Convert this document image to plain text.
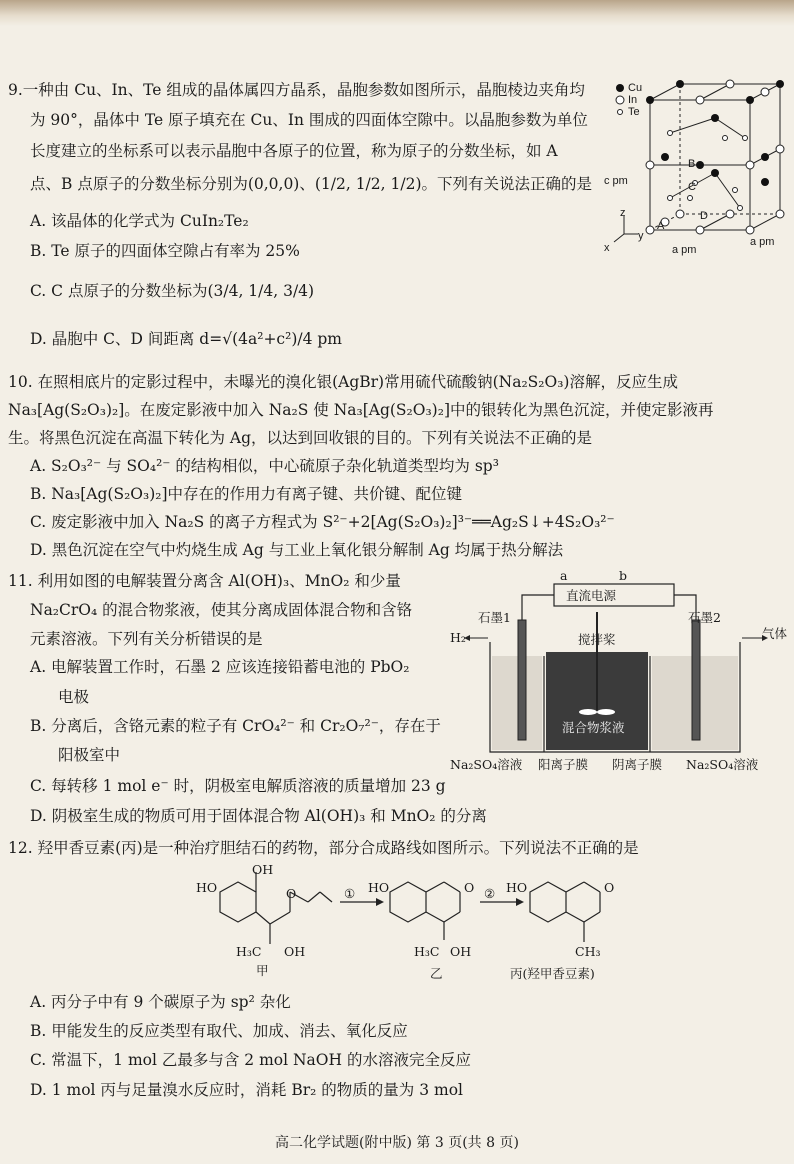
9.一种由 Cu、In、Te 组成的晶体属四方晶系，晶胞参数如图所示，晶胞棱边夹角均
为 90°，晶体中 Te 原子填充在 Cu、In 围成的四面体空隙中。以晶胞参数为单位
长度建立的坐标系可以表示晶胞中各原子的位置，称为原子的分数坐标，如 A
点、B 点原子的分数坐标分别为(0,0,0)、(1/2, 1/2, 1/2)。下列有关说法正确的是
A. 该晶体的化学式为 CuIn₂Te₂
B. Te 原子的四面体空隙占有率为 25%
C. C 点原子的分数坐标为(3/4, 1/4, 3/4)
D. 晶胞中 C、D 间距离 d=√(4a²+c²)/4 pm
Cu
In
Te
B
C
D
A
c pm
a pm
a pm
z
x
y
10. 在照相底片的定影过程中，未曝光的溴化银(AgBr)常用硫代硫酸钠(Na₂S₂O₃)溶解，反应生成
Na₃[Ag(S₂O₃)₂]。在废定影液中加入 Na₂S 使 Na₃[Ag(S₂O₃)₂]中的银转化为黑色沉淀，并使定影液再
生。将黑色沉淀在高温下转化为 Ag，以达到回收银的目的。下列有关说法不正确的是
A. S₂O₃²⁻ 与 SO₄²⁻ 的结构相似，中心硫原子杂化轨道类型均为 sp³
B. Na₃[Ag(S₂O₃)₂]中存在的作用力有离子键、共价键、配位键
C. 废定影液中加入 Na₂S 的离子方程式为 S²⁻+2[Ag(S₂O₃)₂]³⁻══Ag₂S↓+4S₂O₃²⁻
D. 黑色沉淀在空气中灼烧生成 Ag 与工业上氧化银分解制 Ag 均属于热分解法
11. 利用如图的电解装置分离含 Al(OH)₃、MnO₂ 和少量
Na₂CrO₄ 的混合物浆液，使其分离成固体混合物和含铬
元素溶液。下列有关分析错误的是
A. 电解装置工作时，石墨 2 应该连接铅蓄电池的 PbO₂
电极
B. 分离后，含铬元素的粒子有 CrO₄²⁻ 和 Cr₂O₇²⁻，存在于
阳极室中
C. 每转移 1 mol e⁻ 时，阴极室电解质溶液的质量增加 23 g
D. 阴极室生成的物质可用于固体混合物 Al(OH)₃ 和 MnO₂ 的分离
a	b
直流电源
石墨1	石墨2
H₂	气体
搅拌桨
混合物浆液
Na₂SO₄溶液 阳离子膜 阴离子膜 Na₂SO₄溶液
12. 羟甲香豆素(丙)是一种治疗胆结石的药物，部分合成路线如图所示。下列说法不正确的是
A. 丙分子中有 9 个碳原子为 sp² 杂化
B. 甲能发生的反应类型有取代、加成、消去、氧化反应
C. 常温下，1 mol 乙最多与含 2 mol NaOH 的水溶液完全反应
D. 1 mol 丙与足量溴水反应时，消耗 Br₂ 的物质的量为 3 mol
HO
OH
O
H₃C OH
甲
① HO	O
H₃C OH
乙
② HO	O
CH₃
丙(羟甲香豆素)
高二化学试题(附中版) 第 3 页(共 8 页)
